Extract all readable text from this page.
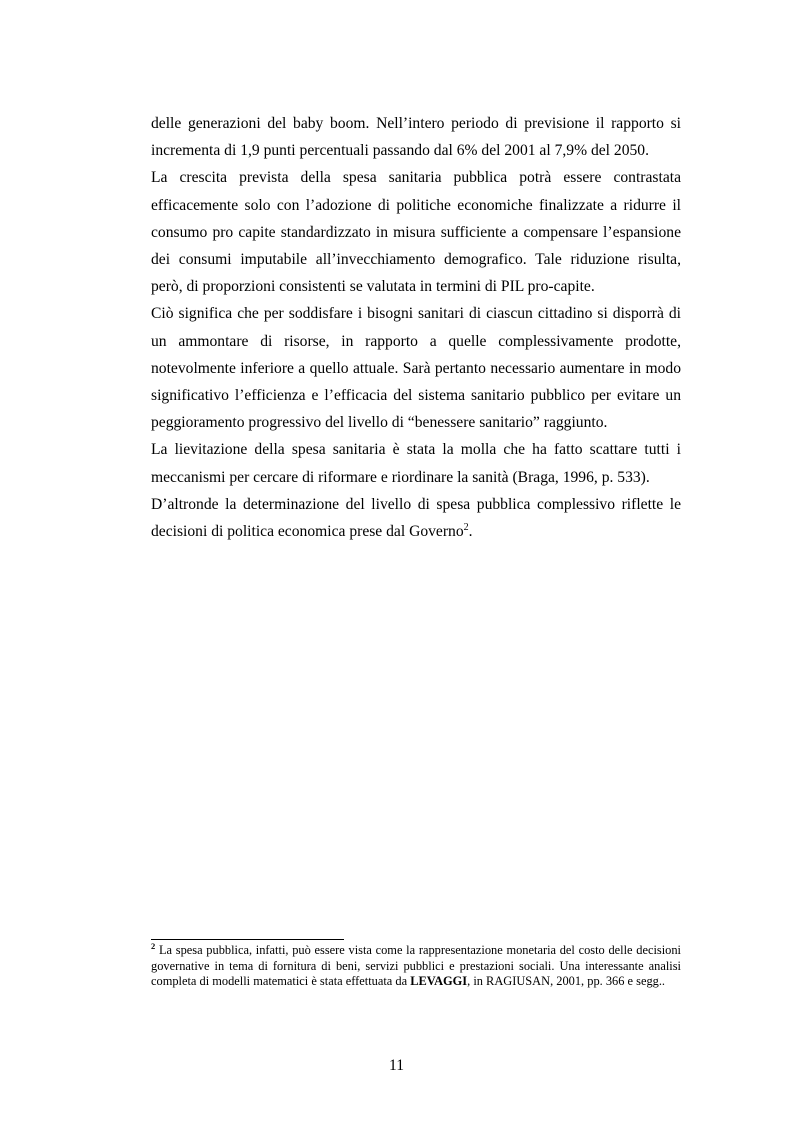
delle generazioni del baby boom. Nell’intero periodo di previsione il rapporto si incrementa di 1,9 punti percentuali passando dal 6% del 2001 al 7,9% del 2050.

La crescita prevista della spesa sanitaria pubblica potrà essere contrastata efficacemente solo con l’adozione di politiche economiche finalizzate a ridurre il consumo pro capite standardizzato in misura sufficiente a compensare l’espansione dei consumi imputabile all’invecchiamento demografico. Tale riduzione risulta, però, di proporzioni consistenti se valutata in termini di PIL pro-capite.

Ciò significa che per soddisfare i bisogni sanitari di ciascun cittadino si disporrà di un ammontare di risorse, in rapporto a quelle complessivamente prodotte, notevolmente inferiore a quello attuale. Sarà pertanto necessario aumentare in modo significativo l’efficienza e l’efficacia del sistema sanitario pubblico per evitare un peggioramento progressivo del livello di “benessere sanitario” raggiunto.

La lievitazione della spesa sanitaria è stata la molla che ha fatto scattare tutti i meccanismi per cercare di riformare e riordinare la sanità (Braga, 1996, p. 533).

D’altronde la determinazione del livello di spesa pubblica complessivo riflette le decisioni di politica economica prese dal Governo$^2$.

$^2$ La spesa pubblica, infatti, può essere vista come la rappresentazione monetaria del costo delle decisioni governative in tema di fornitura di beni, servizi pubblici e prestazioni sociali. Una interessante analisi completa di modelli matematici è stata effettuata da LEVAGGI, in RAGIUSAN, 2001, pp. 366 e segg..

11
